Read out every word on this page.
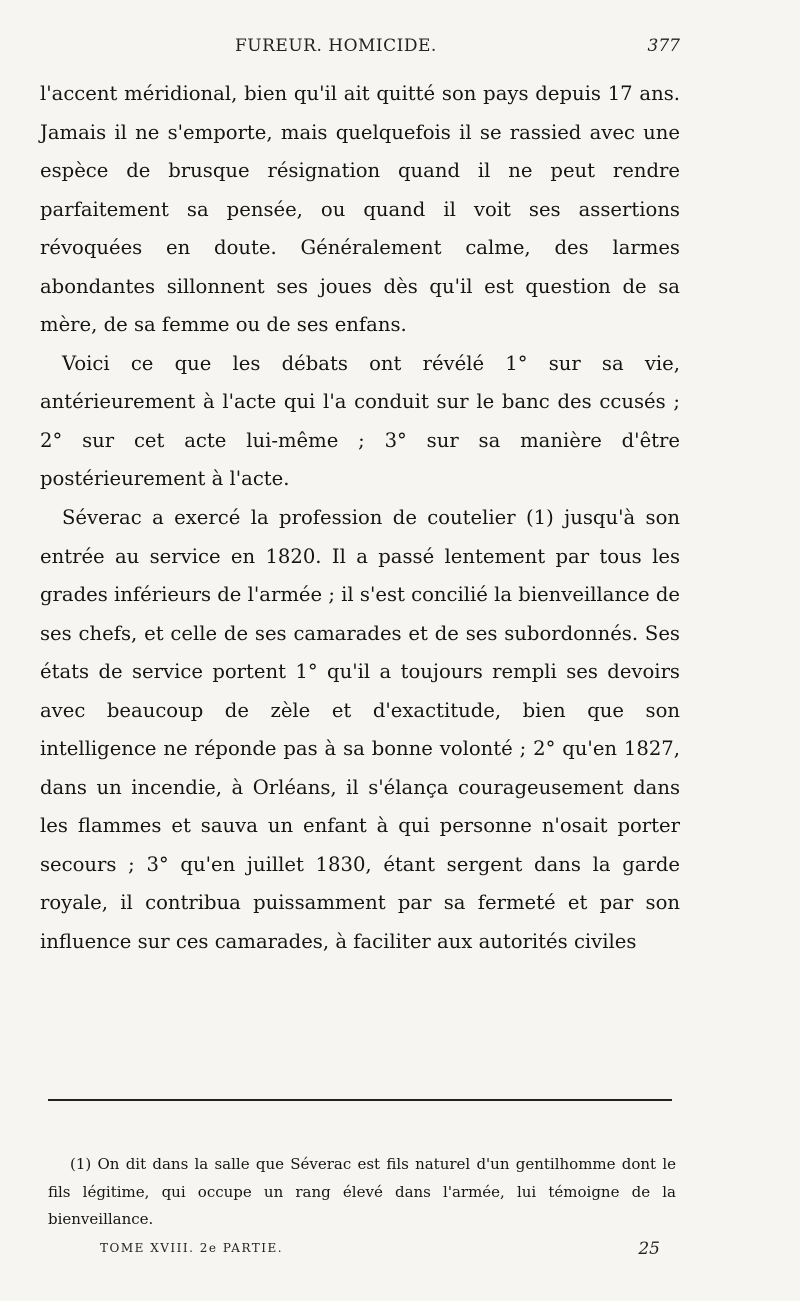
FUREUR. HOMICIDE.	377

l'accent méridional, bien qu'il ait quitté son pays depuis 17 ans. Jamais il ne s'emporte, mais quelquefois il se rassied avec une espèce de brusque résignation quand il ne peut rendre parfaitement sa pensée, ou quand il voit ses assertions révoquées en doute. Généralement calme, des larmes abondantes sillonnent ses joues dès qu'il est question de sa mère, de sa femme ou de ses enfans.

Voici ce que les débats ont révélé 1° sur sa vie, antérieurement à l'acte qui l'a conduit sur le banc des ccusés ; 2° sur cet acte lui-même ; 3° sur sa manière d'être postérieurement à l'acte.

Séverac a exercé la profession de coutelier (1) jusqu'à son entrée au service en 1820. Il a passé lentement par tous les grades inférieurs de l'armée ; il s'est concilié la bienveillance de ses chefs, et celle de ses camarades et de ses subordonnés. Ses états de service portent 1° qu'il a toujours rempli ses devoirs avec beaucoup de zèle et d'exactitude, bien que son intelligence ne réponde pas à sa bonne volonté ; 2° qu'en 1827, dans un incendie, à Orléans, il s'élança courageusement dans les flammes et sauva un enfant à qui personne n'osait porter secours ; 3° qu'en juillet 1830, étant sergent dans la garde royale, il contribua puissamment par sa fermeté et par son influence sur ces camarades, à faciliter aux autorités civiles

(1) On dit dans la salle que Séverac est fils naturel d'un gentilhomme dont le fils légitime, qui occupe un rang élevé dans l'armée, lui témoigne de la bienveillance.

TOME XVIII. 2e PARTIE.	25
